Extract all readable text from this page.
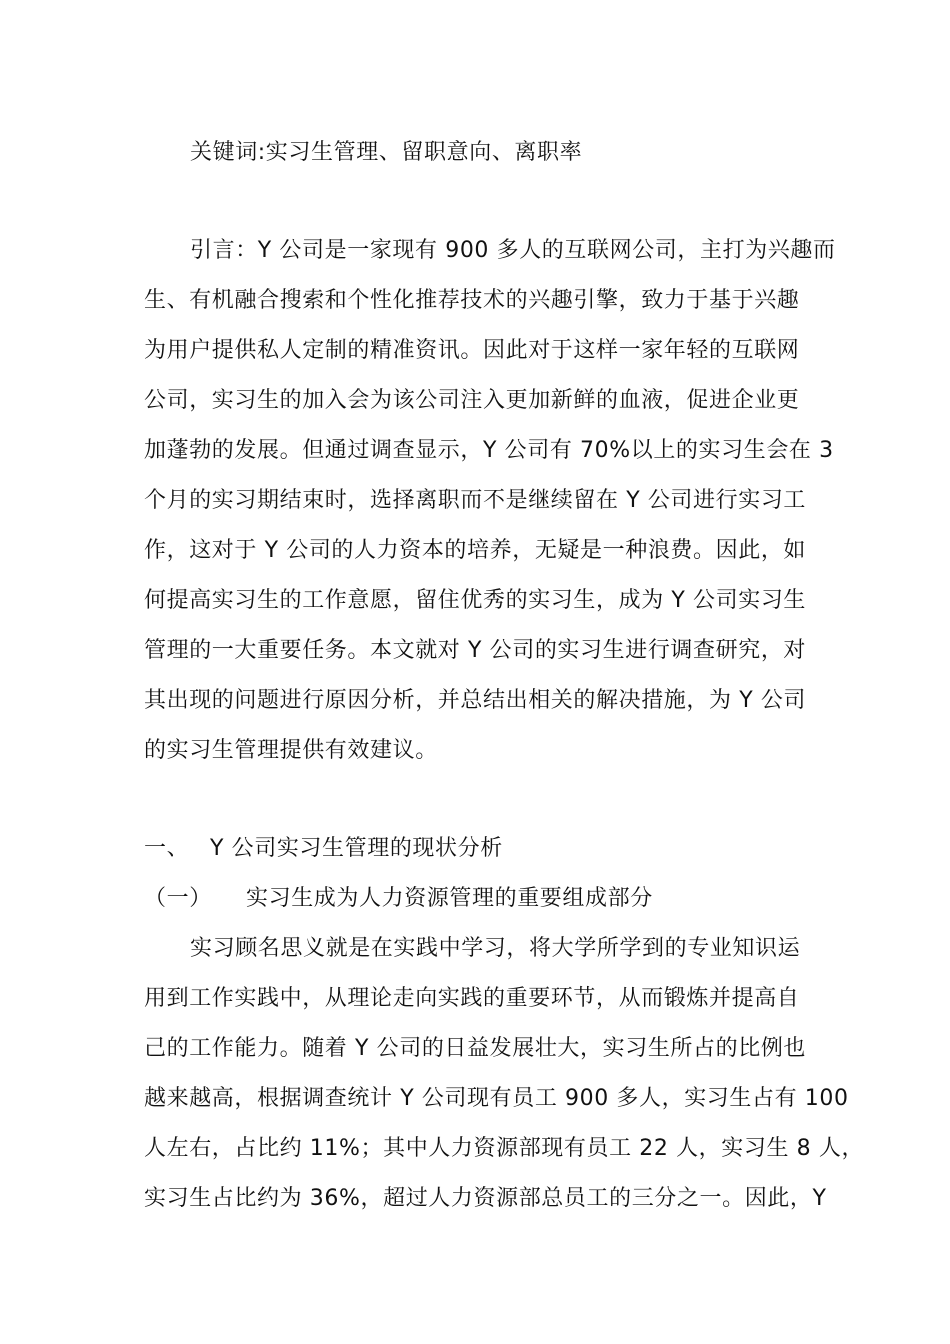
关键词:实习生管理、留职意向、离职率
引言：Y 公司是一家现有 900 多人的互联网公司，主打为兴趣而
生、有机融合搜索和个性化推荐技术的兴趣引擎，致力于基于兴趣
为用户提供私人定制的精准资讯。因此对于这样一家年轻的互联网
公司，实习生的加入会为该公司注入更加新鲜的血液，促进企业更
加蓬勃的发展。但通过调查显示，Y 公司有 70%以上的实习生会在 3
个月的实习期结束时，选择离职而不是继续留在 Y 公司进行实习工
作，这对于 Y 公司的人力资本的培养，无疑是一种浪费。因此，如
何提高实习生的工作意愿，留住优秀的实习生，成为 Y 公司实习生
管理的一大重要任务。本文就对 Y 公司的实习生进行调查研究，对
其出现的问题进行原因分析，并总结出相关的解决措施，为 Y 公司
的实习生管理提供有效建议。
一、 Y 公司实习生管理的现状分析
（一） 实习生成为人力资源管理的重要组成部分
实习顾名思义就是在实践中学习，将大学所学到的专业知识运
用到工作实践中，从理论走向实践的重要环节，从而锻炼并提高自
己的工作能力。随着 Y 公司的日益发展壮大，实习生所占的比例也
越来越高，根据调查统计 Y 公司现有员工 900 多人，实习生占有 100
人左右，占比约 11%；其中人力资源部现有员工 22 人，实习生 8 人，
实习生占比约为 36%，超过人力资源部总员工的三分之一。因此，Y
